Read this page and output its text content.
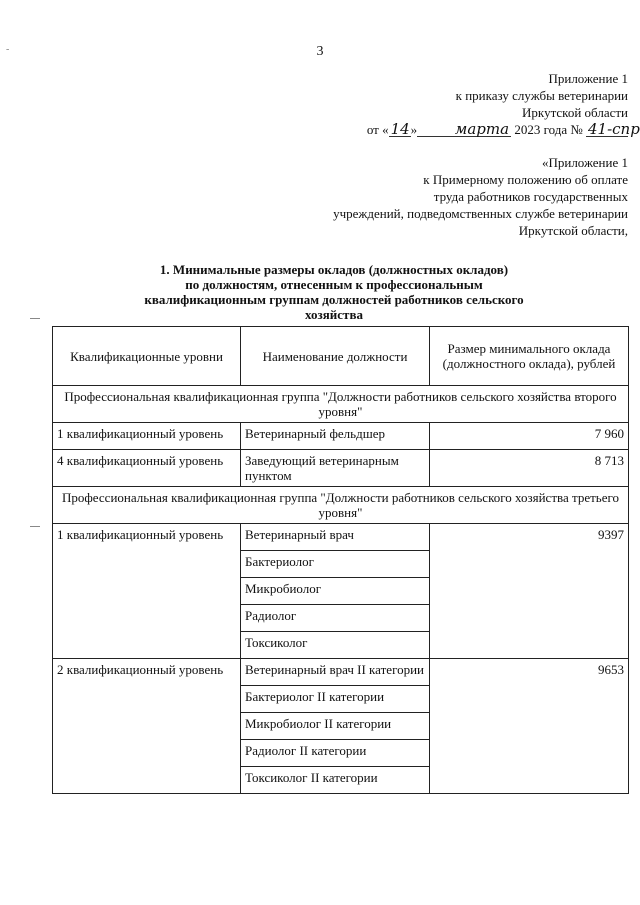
-	3
Приложение 1
к приказу службы ветеринарии
Иркутской области
от « 14»	марта 2023 года № 41-спр
«Приложение 1
к Примерному положению об оплате
труда работников государственных
учреждений, подведомственных службе ветеринарии
Иркутской области,
1. Минимальные размеры окладов (должностных окладов)
по должностям, отнесенным к профессиональным
квалификационным группам должностей работников сельского
хозяйства
Квалификационные уровни	Наименование должности	Размер минимального оклада (должностного оклада), рублей
Профессиональная квалификационная группа "Должности работников сельского хозяйства второго уровня"		
1 квалификационный уровень	Ветеринарный фельдшер	7 960
4 квалификационный уровень	Заведующий ветеринарным пунктом	8 713
Профессиональная квалификационная группа "Должности работников сельского хозяйства третьего уровня"		
1 квалификационный уровень	Ветеринарный врач	9397
	Бактериолог	
	Микробиолог	
	Радиолог	
	Токсиколог	
2 квалификационный уровень	Ветеринарный врач II категории	9653
	Бактериолог II категории	
	Микробиолог II категории	
	Радиолог II категории	
	Токсиколог II категории	
